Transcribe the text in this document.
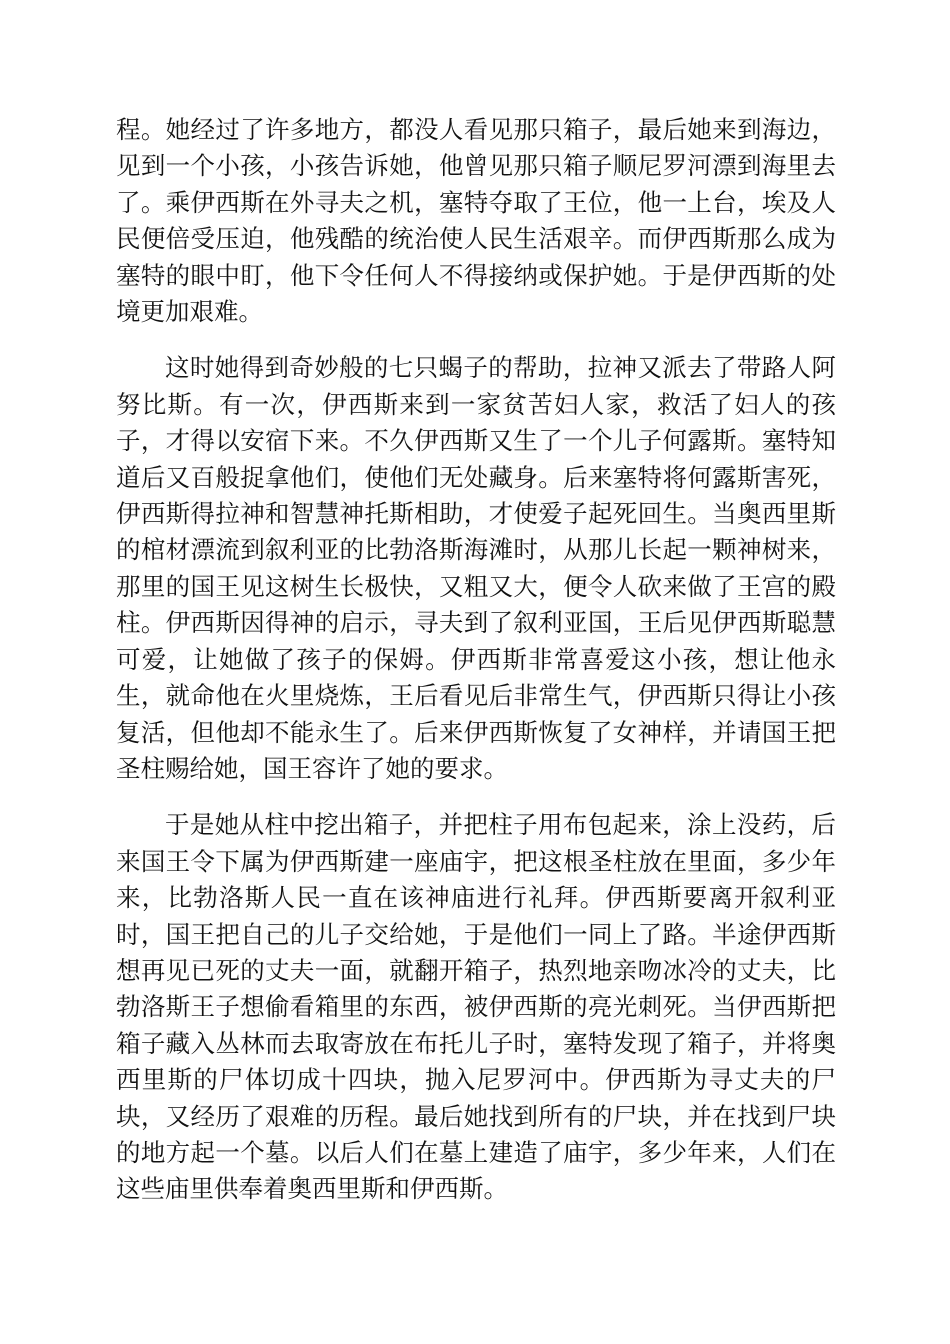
程。她经过了许多地方，都没人看见那只箱子，最后她来到海边，见到一个小孩，小孩告诉她，他曾见那只箱子顺尼罗河漂到海里去了。乘伊西斯在外寻夫之机，塞特夺取了王位，他一上台，埃及人民便倍受压迫，他残酷的统治使人民生活艰辛。而伊西斯那么成为塞特的眼中盯，他下令任何人不得接纳或保护她。于是伊西斯的处境更加艰难。

这时她得到奇妙般的七只蝎子的帮助，拉神又派去了带路人阿努比斯。有一次，伊西斯来到一家贫苦妇人家，救活了妇人的孩子，才得以安宿下来。不久伊西斯又生了一个儿子何露斯。塞特知道后又百般捉拿他们，使他们无处藏身。后来塞特将何露斯害死，伊西斯得拉神和智慧神托斯相助，才使爱子起死回生。当奥西里斯的棺材漂流到叙利亚的比勃洛斯海滩时，从那儿长起一颗神树来，那里的国王见这树生长极快，又粗又大，便令人砍来做了王宫的殿柱。伊西斯因得神的启示，寻夫到了叙利亚国，王后见伊西斯聪慧可爱，让她做了孩子的保姆。伊西斯非常喜爱这小孩，想让他永生，就命他在火里烧炼，王后看见后非常生气，伊西斯只得让小孩复活，但他却不能永生了。后来伊西斯恢复了女神样，并请国王把圣柱赐给她，国王容许了她的要求。

于是她从柱中挖出箱子，并把柱子用布包起来，涂上没药，后来国王令下属为伊西斯建一座庙宇，把这根圣柱放在里面，多少年来，比勃洛斯人民一直在该神庙进行礼拜。伊西斯要离开叙利亚时，国王把自己的儿子交给她，于是他们一同上了路。半途伊西斯想再见已死的丈夫一面，就翻开箱子，热烈地亲吻冰冷的丈夫，比勃洛斯王子想偷看箱里的东西，被伊西斯的亮光刺死。当伊西斯把箱子藏入丛林而去取寄放在布托儿子时，塞特发现了箱子，并将奥西里斯的尸体切成十四块，抛入尼罗河中。伊西斯为寻丈夫的尸块，又经历了艰难的历程。最后她找到所有的尸块，并在找到尸块的地方起一个墓。以后人们在墓上建造了庙宇，多少年来，人们在这些庙里供奉着奥西里斯和伊西斯。
